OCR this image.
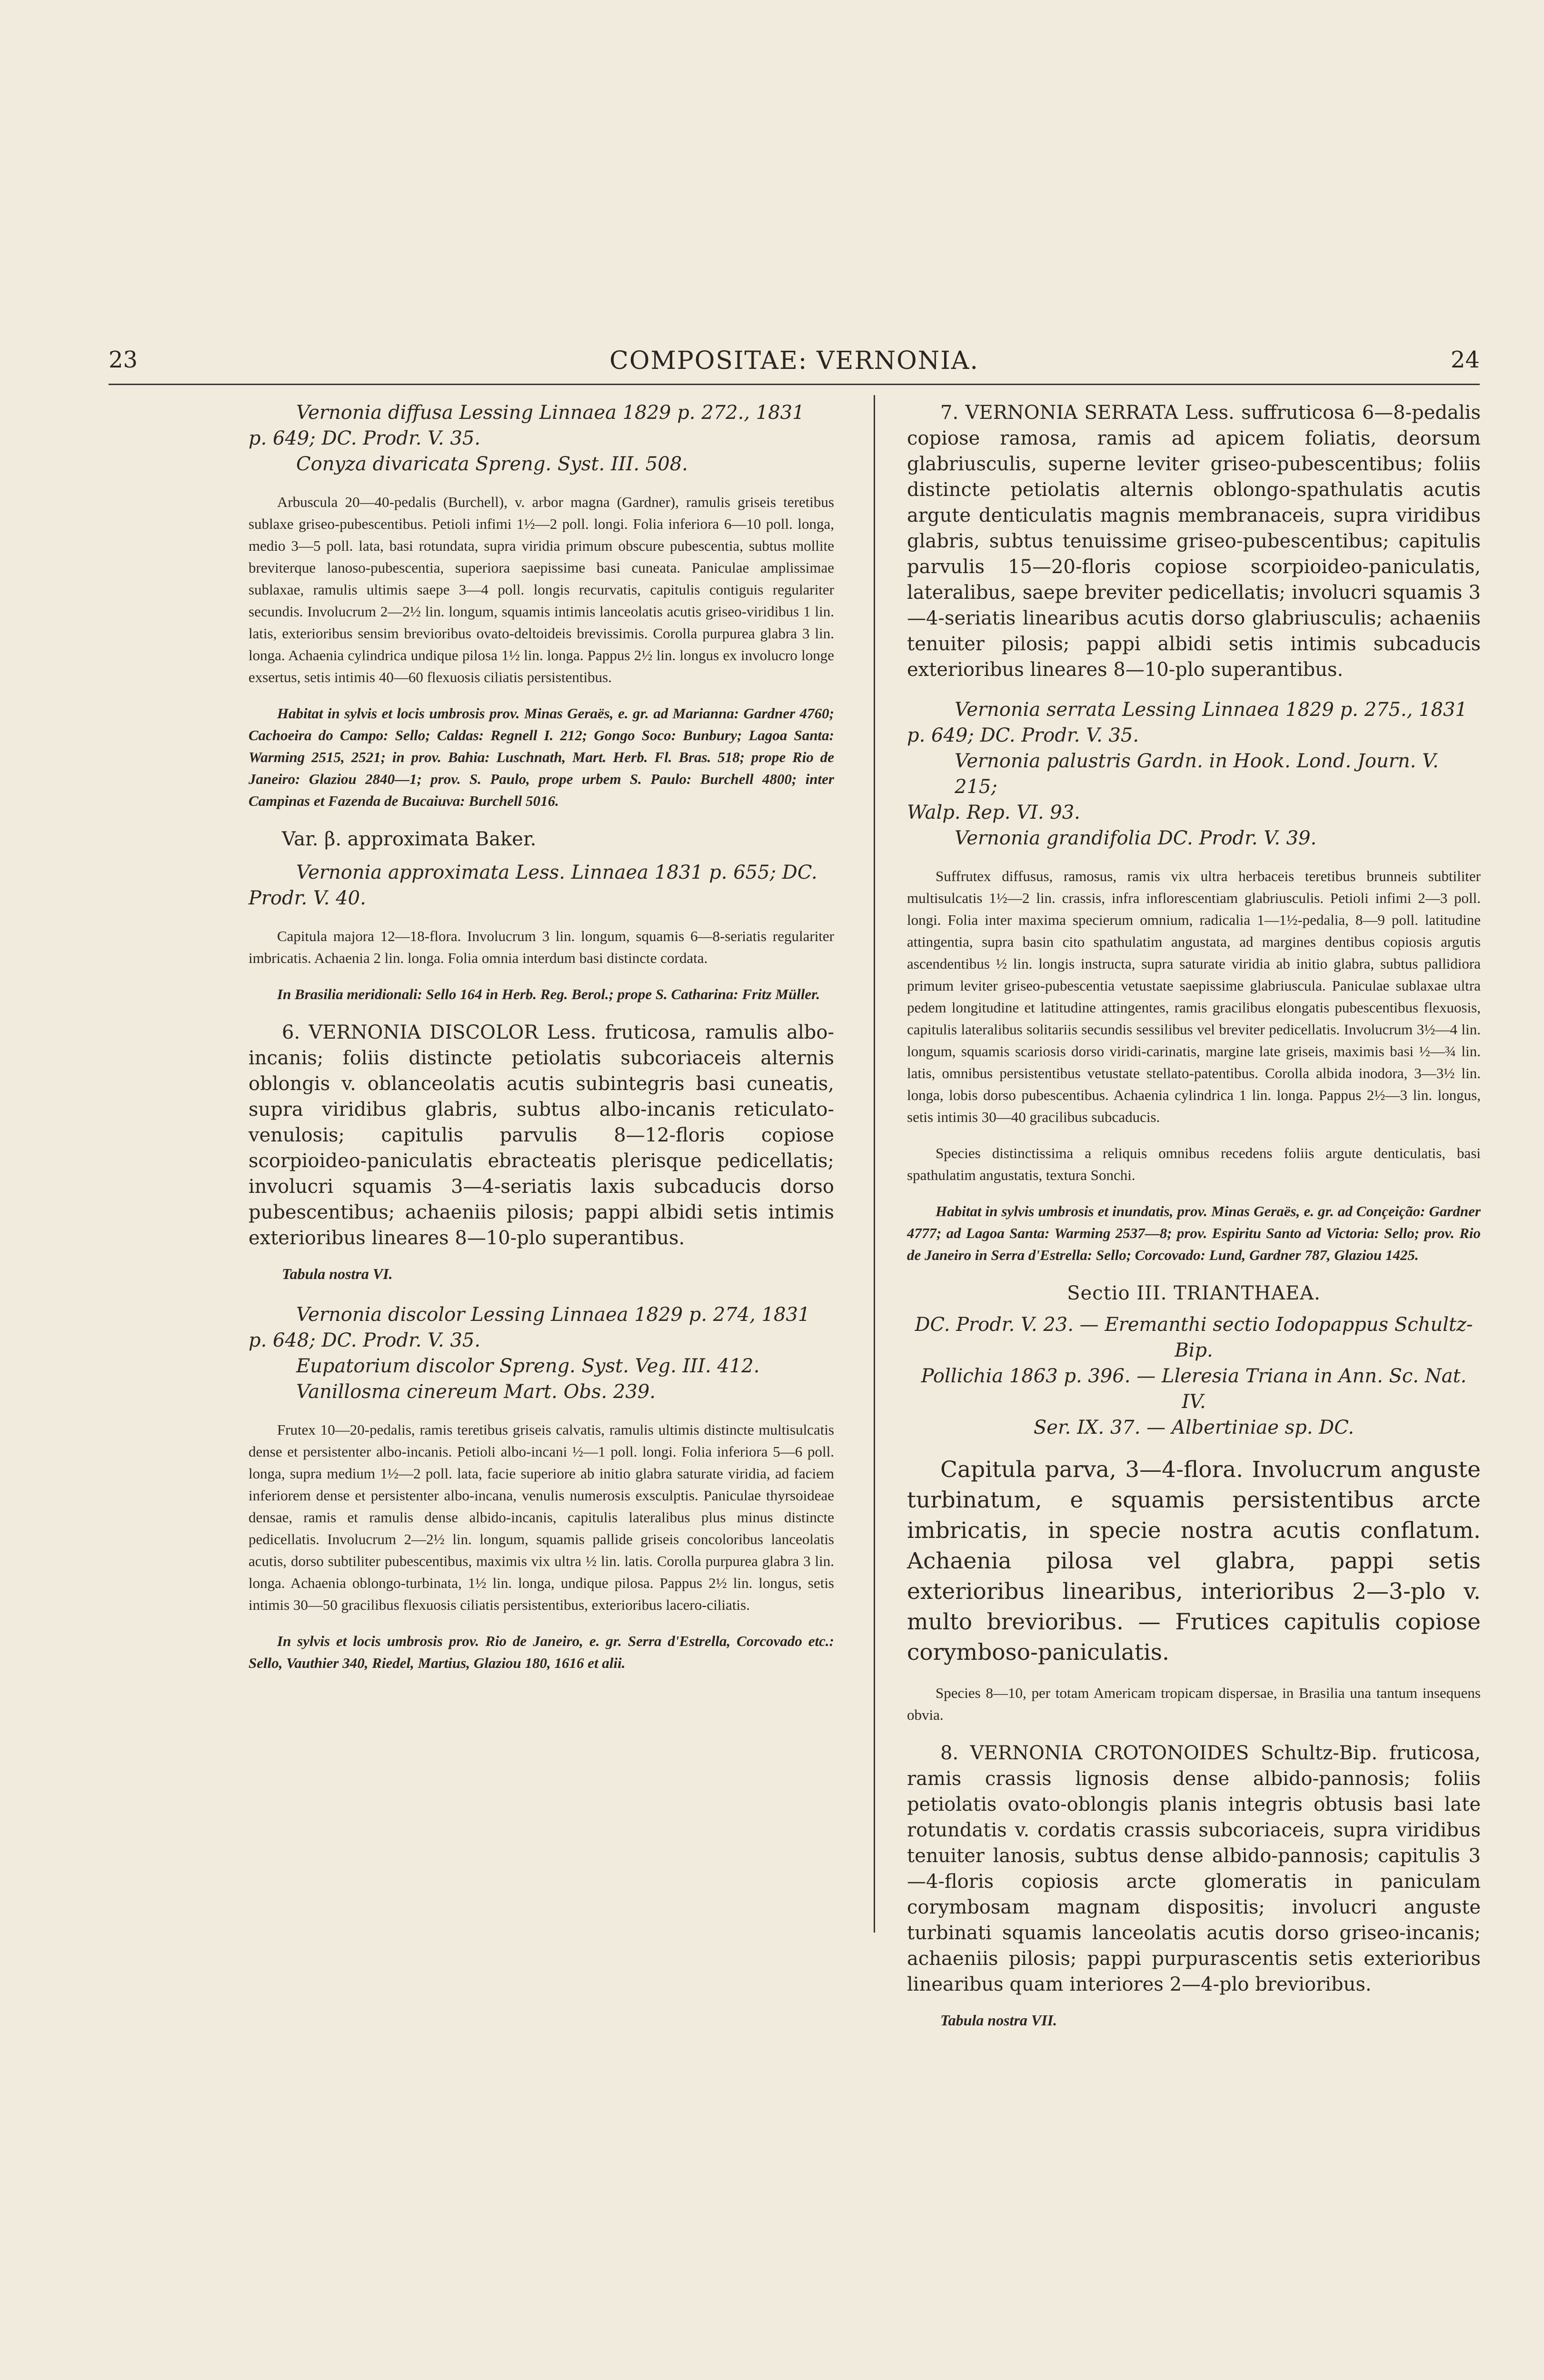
23	COMPOSITAE: VERNONIA.	24
Vernonia diffusa Lessing Linnaea 1829 p. 272., 1831
p. 649; DC. Prodr. V. 35.
Conyza divaricata Spreng. Syst. III. 508.

Arbuscula 20—40-pedalis (Burchell), v. arbor magna (Gardner), ramulis griseis teretibus sublaxe griseo-pubescentibus. Petioli infimi 1½—2 poll. longi. Folia inferiora 6—10 poll. longa, medio 3—5 poll. lata, basi rotundata, supra viridia primum obscure pubescentia, subtus mollite breviterque lanoso-pubescentia, superiora saepissime basi cuneata. Paniculae amplissimae sublaxae, ramulis ultimis saepe 3—4 poll. longis recurvatis, capitulis contiguis regulariter secundis. Involucrum 2—2½ lin. longum, squamis intimis lanceolatis acutis griseo-viridibus 1 lin. latis, exterioribus sensim brevioribus ovato-deltoideis brevissimis. Corolla purpurea glabra 3 lin. longa. Achaenia cylindrica undique pilosa 1½ lin. longa. Pappus 2½ lin. longus ex involucro longe exsertus, setis intimis 40—60 flexuosis ciliatis persistentibus.

Habitat in sylvis et locis umbrosis prov. Minas Geraës, e. gr. ad Marianna: Gardner 4760; Cachoeira do Campo: Sello; Caldas: Regnell I. 212; Gongo Soco: Bunbury; Lagoa Santa: Warming 2515, 2521; in prov. Bahia: Luschnath, Mart. Herb. Fl. Bras. 518; prope Rio de Janeiro: Glaziou 2840—1; prov. S. Paulo, prope urbem S. Paulo: Burchell 4800; inter Campinas et Fazenda de Bucaiuva: Burchell 5016.

Var. β. approximata Baker.

Vernonia approximata Less. Linnaea 1831 p. 655; DC.
Prodr. V. 40.

Capitula majora 12—18-flora. Involucrum 3 lin. longum, squamis 6—8-seriatis regulariter imbricatis. Achaenia 2 lin. longa. Folia omnia interdum basi distincte cordata.

In Brasilia meridionali: Sello 164 in Herb. Reg. Berol.; prope S. Catharina: Fritz Müller.

6. VERNONIA DISCOLOR Less. fruticosa, ramulis albo-incanis; foliis distincte petiolatis subcoriaceis alternis oblongis v. oblanceolatis acutis subintegris basi cuneatis, supra viridibus glabris, subtus albo-incanis reticulato-venulosis; capitulis parvulis 8—12-floris copiose scorpioideo-paniculatis ebracteatis plerisque pedicellatis; involucri squamis 3—4-seriatis laxis subcaducis dorso pubescentibus; achaeniis pilosis; pappi albidi setis intimis exterioribus lineares 8—10-plo superantibus.

Tabula nostra VI.

Vernonia discolor Lessing Linnaea 1829 p. 274, 1831
p. 648; DC. Prodr. V. 35.
Eupatorium discolor Spreng. Syst. Veg. III. 412.
Vanillosma cinereum Mart. Obs. 239.

Frutex 10—20-pedalis, ramis teretibus griseis calvatis, ramulis ultimis distincte multisulcatis dense et persistenter albo-incanis. Petioli albo-incani ½—1 poll. longi. Folia inferiora 5—6 poll. longa, supra medium 1½—2 poll. lata, facie superiore ab initio glabra saturate viridia, ad faciem inferiorem dense et persistenter albo-incana, venulis numerosis exsculptis. Paniculae thyrsoideae densae, ramis et ramulis dense albido-incanis, capitulis lateralibus plus minus distincte pedicellatis. Involucrum 2—2½ lin. longum, squamis pallide griseis concoloribus lanceolatis acutis, dorso subtiliter pubescentibus, maximis vix ultra ½ lin. latis. Corolla purpurea glabra 3 lin. longa. Achaenia oblongo-turbinata, 1½ lin. longa, undique pilosa. Pappus 2½ lin. longus, setis intimis 30—50 gracilibus flexuosis ciliatis persistentibus, exterioribus lacero-ciliatis.

In sylvis et locis umbrosis prov. Rio de Janeiro, e. gr. Serra d'Estrella, Corcovado etc.: Sello, Vauthier 340, Riedel, Martius, Glaziou 180, 1616 et alii.

7. VERNONIA SERRATA Less. suffruticosa 6—8-pedalis copiose ramosa, ramis ad apicem foliatis, deorsum glabriusculis, superne leviter griseo-pubescentibus; foliis distincte petiolatis alternis oblongo-spathulatis acutis argute denticulatis magnis membranaceis, supra viridibus glabris, subtus tenuissime griseo-pubescentibus; capitulis parvulis 15—20-floris copiose scorpioideo-paniculatis, lateralibus, saepe breviter pedicellatis; involucri squamis 3—4-seriatis linearibus acutis dorso glabriusculis; achaeniis tenuiter pilosis; pappi albidi setis intimis subcaducis exterioribus lineares 8—10-plo superantibus.

Vernonia serrata Lessing Linnaea 1829 p. 275., 1831
p. 649; DC. Prodr. V. 35.
Vernonia palustris Gardn. in Hook. Lond. Journ. V. 215;
Walp. Rep. VI. 93.
Vernonia grandifolia DC. Prodr. V. 39.

Suffrutex diffusus, ramosus, ramis vix ultra herbaceis teretibus brunneis subtiliter multisulcatis 1½—2 lin. crassis, infra inflorescentiam glabriusculis. Petioli infimi 2—3 poll. longi. Folia inter maxima specierum omnium, radicalia 1—1½-pedalia, 8—9 poll. latitudine attingentia, supra basin cito spathulatim angustata, ad margines dentibus copiosis argutis ascendentibus ½ lin. longis instructa, supra saturate viridia ab initio glabra, subtus pallidiora primum leviter griseo-pubescentia vetustate saepissime glabriuscula. Paniculae sublaxae ultra pedem longitudine et latitudine attingentes, ramis gracilibus elongatis pubescentibus flexuosis, capitulis lateralibus solitariis secundis sessilibus vel breviter pedicellatis. Involucrum 3½—4 lin. longum, squamis scariosis dorso viridi-carinatis, margine late griseis, maximis basi ½—¾ lin. latis, omnibus persistentibus vetustate stellato-patentibus. Corolla albida inodora, 3—3½ lin. longa, lobis dorso pubescentibus. Achaenia cylindrica 1 lin. longa. Pappus 2½—3 lin. longus, setis intimis 30—40 gracilibus subcaducis.

Species distinctissima a reliquis omnibus recedens foliis argute denticulatis, basi spathulatim angustatis, textura Sonchi.

Habitat in sylvis umbrosis et inundatis, prov. Minas Geraës, e. gr. ad Conçeição: Gardner 4777; ad Lagoa Santa: Warming 2537—8; prov. Espiritu Santo ad Victoria: Sello; prov. Rio de Janeiro in Serra d'Estrella: Sello; Corcovado: Lund, Gardner 787, Glaziou 1425.

Sectio III. TRIANTHAEA.
DC. Prodr. V. 23. — Eremanthi sectio Iodopappus Schultz-Bip.
Pollichia 1863 p. 396. — Lleresia Triana in Ann. Sc. Nat. IV.
Ser. IX. 37. — Albertiniae sp. DC.

Capitula parva, 3—4-flora. Involucrum anguste turbinatum, e squamis persistentibus arcte imbricatis, in specie nostra acutis conflatum. Achaenia pilosa vel glabra, pappi setis exterioribus linearibus, interioribus 2—3-plo v. multo brevioribus. — Frutices capitulis copiose corymboso-paniculatis.

Species 8—10, per totam Americam tropicam dispersae, in Brasilia una tantum insequens obvia.

8. VERNONIA CROTONOIDES Schultz-Bip. fruticosa, ramis crassis lignosis dense albido-pannosis; foliis petiolatis ovato-oblongis planis integris obtusis basi late rotundatis v. cordatis crassis subcoriaceis, supra viridibus tenuiter lanosis, subtus dense albido-pannosis; capitulis 3—4-floris copiosis arcte glomeratis in paniculam corymbosam magnam dispositis; involucri anguste turbinati squamis lanceolatis acutis dorso griseo-incanis; achaeniis pilosis; pappi purpurascentis setis exterioribus linearibus quam interiores 2—4-plo brevioribus.

Tabula nostra VII.
